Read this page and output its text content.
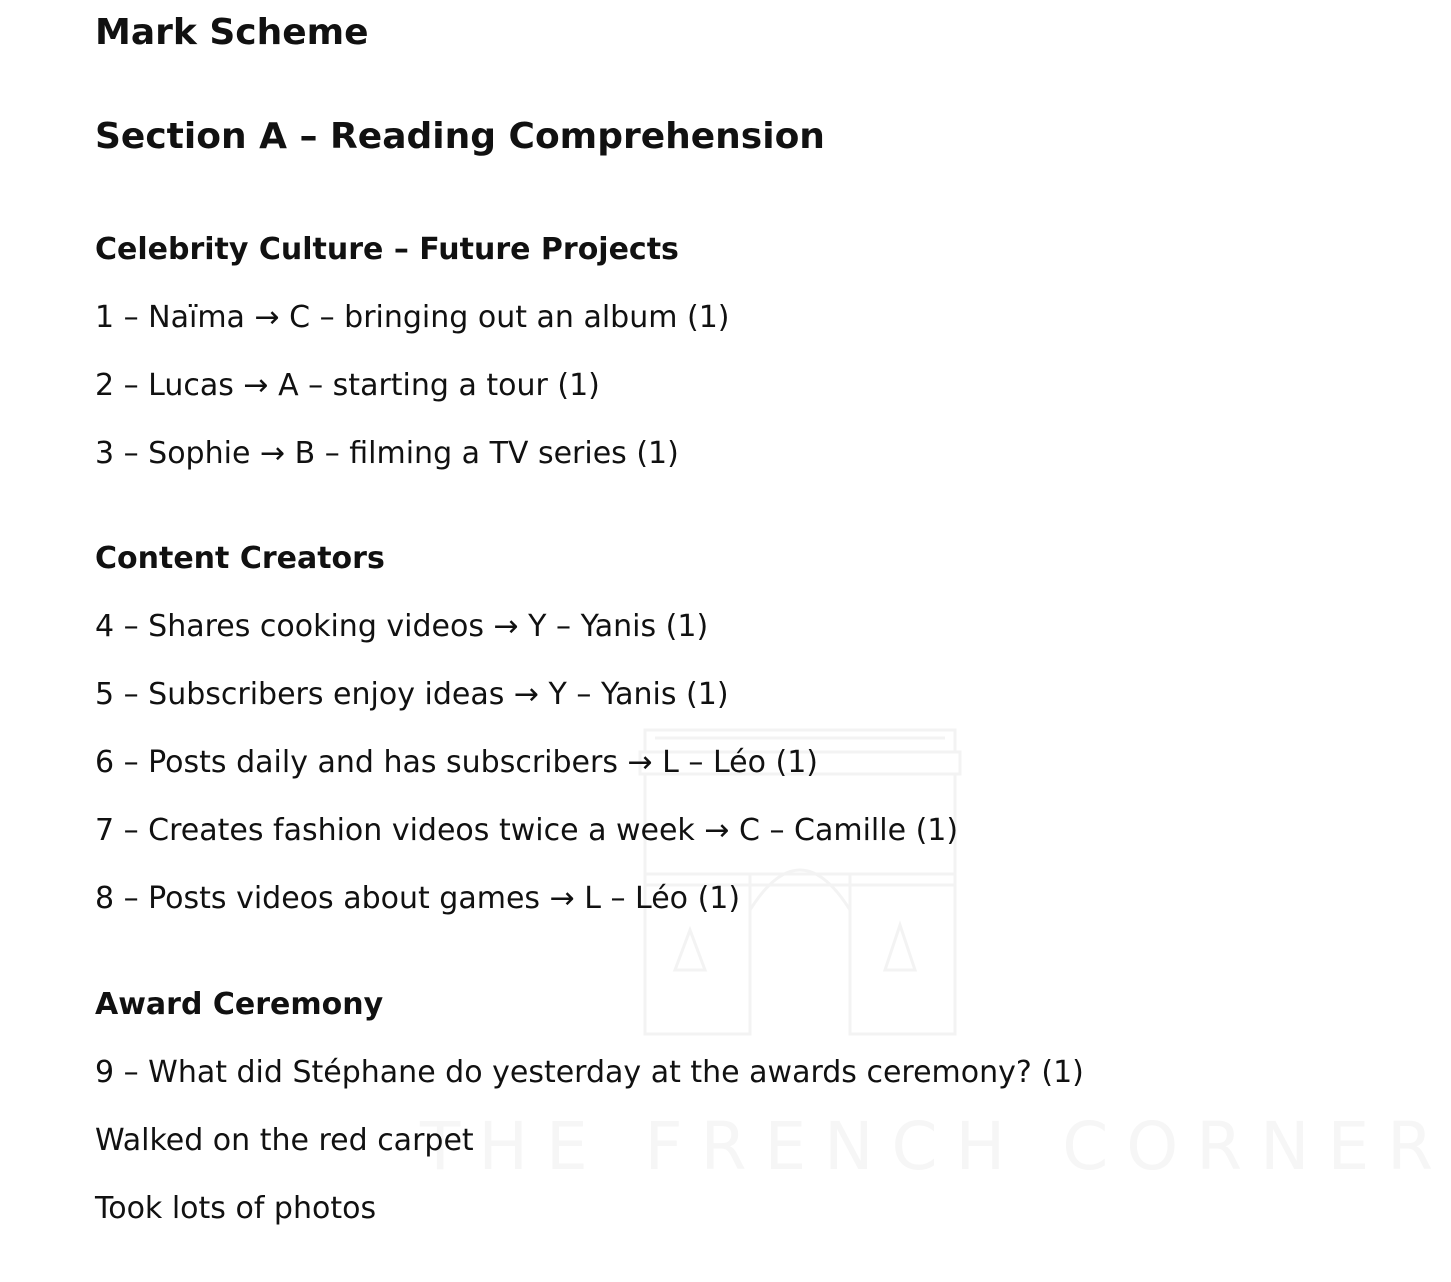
THE FRENCH CORNER
Mark Scheme
Section A – Reading Comprehension
Celebrity Culture – Future Projects

1 – Naïma → C – bringing out an album (1)

2 – Lucas → A – starting a tour (1)

3 – Sophie → B – filming a TV series (1)

Content Creators

4 – Shares cooking videos → Y – Yanis (1)

5 – Subscribers enjoy ideas → Y – Yanis (1)

6 – Posts daily and has subscribers → L – Léo (1)

7 – Creates fashion videos twice a week → C – Camille (1)

8 – Posts videos about games → L – Léo (1)

Award Ceremony

9 – What did Stéphane do yesterday at the awards ceremony? (1)

Walked on the red carpet

Took lots of photos
